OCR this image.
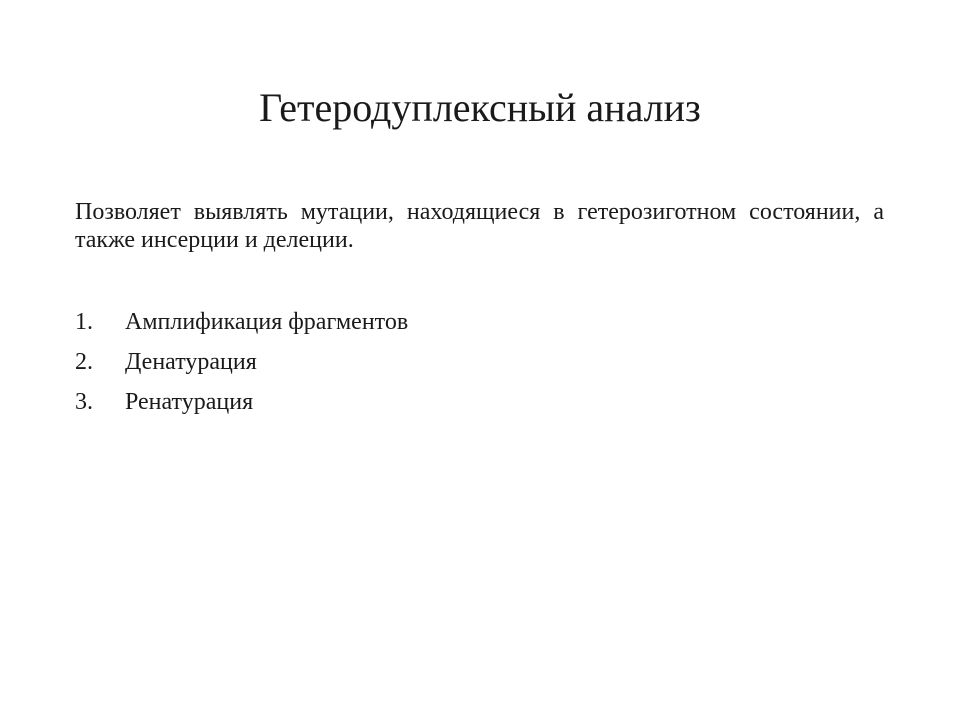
Гетеродуплексный анализ

Позволяет выявлять мутации, находящиеся в гетерозиготном состоянии, а также инсерции и делеции.

1.	Амплификация фрагментов
2.	Денатурация
3.	Ренатурация
